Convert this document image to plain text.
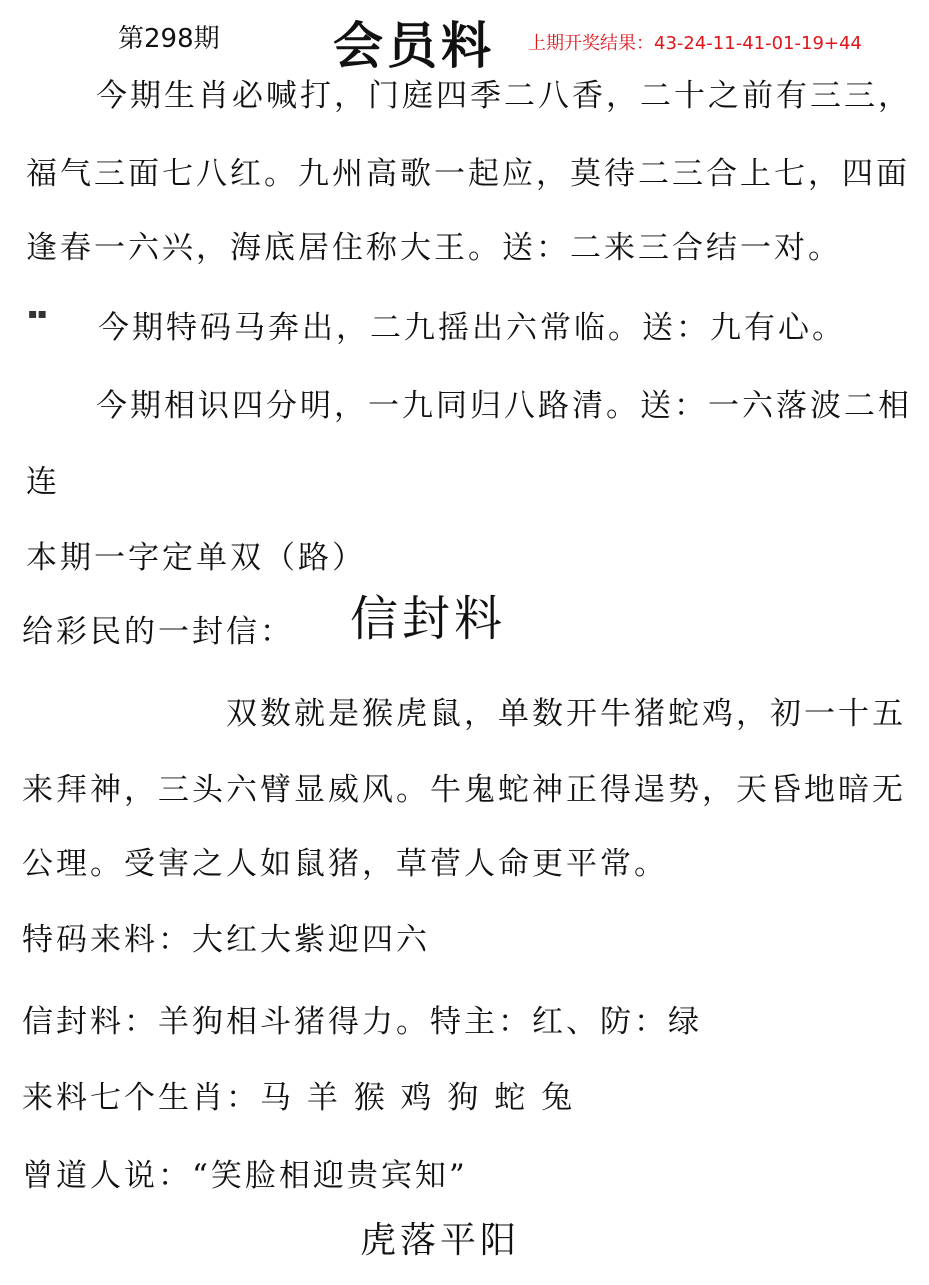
第298期 会员料 上期开奖结果：43-24-11-41-01-19+44
今期生肖必喊打，门庭四季二八香，二十之前有三三，
福气三面七八红。九州高歌一起应，莫待二三合上七，四面
逢春一六兴，海底居住称大王。送：二来三合结一对。
▪▪ 今期特码马奔出，二九摇出六常临。送：九有心。
今期相识四分明，一九同归八路清。送：一六落波二相
连
本期一字定单双（路）
给彩民的一封信： 信封料
双数就是猴虎鼠，单数开牛猪蛇鸡，初一十五
来拜神，三头六臂显威风。牛鬼蛇神正得逞势，天昏地暗无
公理。受害之人如鼠猪，草菅人命更平常。
特码来料：大红大紫迎四六
信封料：羊狗相斗猪得力。特主：红、防：绿
来料七个生肖：马 羊 猴 鸡 狗 蛇 兔
曾道人说：“笑脸相迎贵宾知”
虎落平阳
